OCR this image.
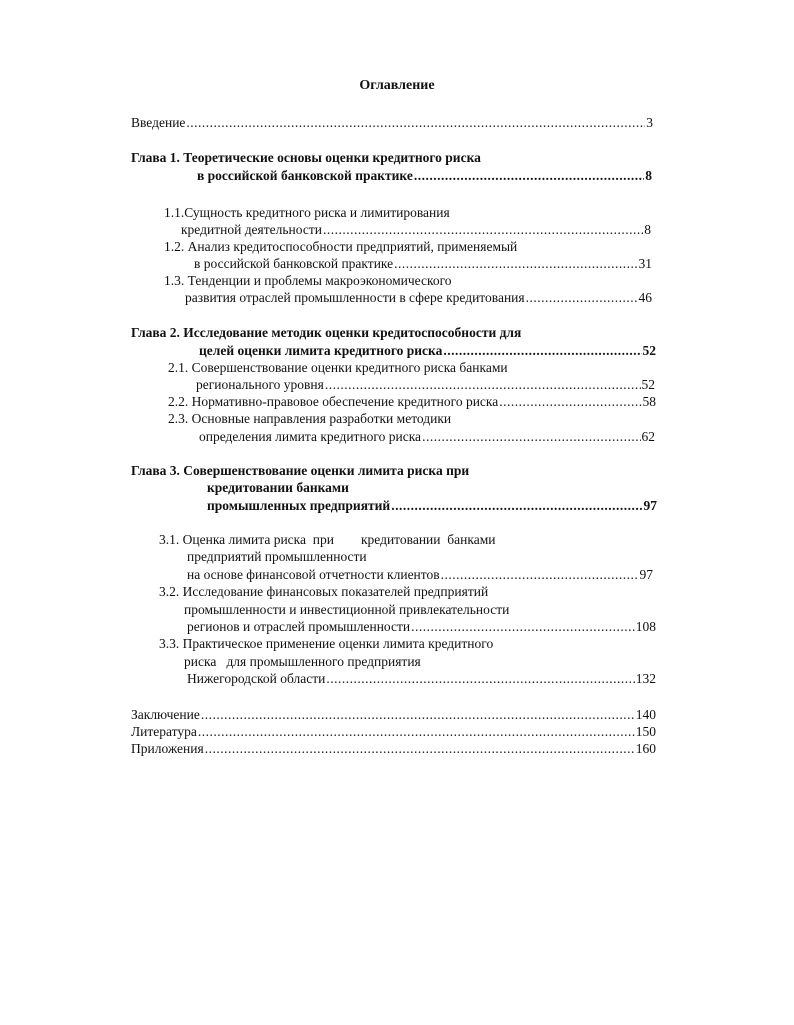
Оглавление
Введение .....	3
Глава 1. Теоретические основы оценки кредитного риска
в российской банковской практике .....	8
1.1.Сущность кредитного риска и лимитирования
кредитной деятельности .....	8
1.2. Анализ кредитоспособности предприятий, применяемый
в российской банковской практике .....	31
1.3. Тенденции и проблемы макроэкономического
развития отраслей промышленности в сфере кредитования .....	46
Глава 2. Исследование методик оценки кредитоспособности для
целей оценки лимита кредитного риска .....	52
2.1. Совершенствование оценки кредитного риска банками
регионального уровня .....	52
2.2. Нормативно-правовое обеспечение кредитного риска .....	58
2.3. Основные направления разработки методики
определения лимита кредитного риска .....	62
Глава 3. Совершенствование оценки лимита риска при
кредитовании банками
промышленных предприятий .....	97
3.1. Оценка лимита риска  при        кредитовании  банками
предприятий промышленности
на основе финансовой отчетности клиентов .....	97
3.2. Исследование финансовых показателей предприятий
промышленности и инвестиционной привлекательности
регионов и отраслей промышленности .....	108
3.3. Практическое применение оценки лимита кредитного
риска   для промышленного предприятия
Нижегородской области .....	132
Заключение .....	140
Литература .....	150
Приложения .....	160
